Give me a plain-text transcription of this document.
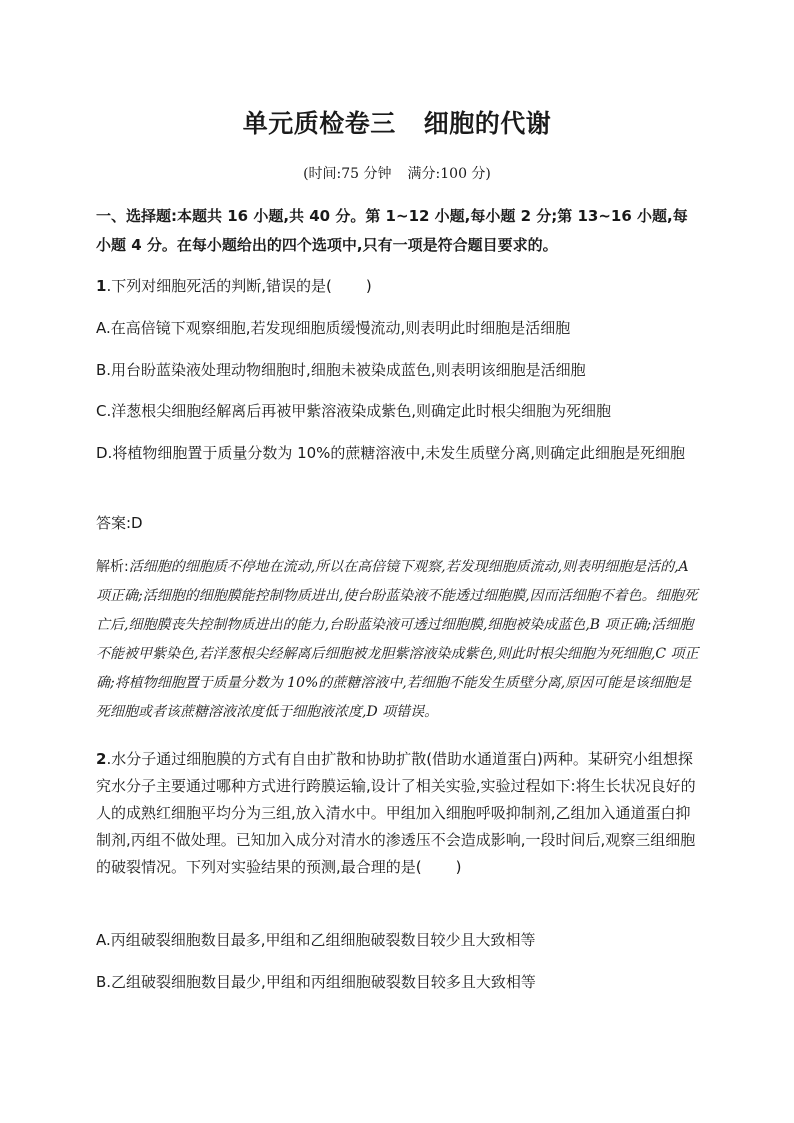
单元质检卷三 细胞的代谢
(时间:75 分钟 满分:100 分)
一、选择题:本题共 16 小题,共 40 分。第 1~12 小题,每小题 2 分;第 13~16 小题,每小题 4 分。在每小题给出的四个选项中,只有一项是符合题目要求的。
1.下列对细胞死活的判断,错误的是( )
A.在高倍镜下观察细胞,若发现细胞质缓慢流动,则表明此时细胞是活细胞
B.用台盼蓝染液处理动物细胞时,细胞未被染成蓝色,则表明该细胞是活细胞
C.洋葱根尖细胞经解离后再被甲紫溶液染成紫色,则确定此时根尖细胞为死细胞
D.将植物细胞置于质量分数为 10%的蔗糖溶液中,未发生质壁分离,则确定此细胞是死细胞
答案:D
解析:活细胞的细胞质不停地在流动,所以在高倍镜下观察,若发现细胞质流动,则表明细胞是活的,A 项正确;活细胞的细胞膜能控制物质进出,使台盼蓝染液不能透过细胞膜,因而活细胞不着色。细胞死亡后,细胞膜丧失控制物质进出的能力,台盼蓝染液可透过细胞膜,细胞被染成蓝色,B 项正确;活细胞不能被甲紫染色,若洋葱根尖经解离后细胞被龙胆紫溶液染成紫色,则此时根尖细胞为死细胞,C 项正确;将植物细胞置于质量分数为 10%的蔗糖溶液中,若细胞不能发生质壁分离,原因可能是该细胞是死细胞或者该蔗糖溶液浓度低于细胞液浓度,D 项错误。
2.水分子通过细胞膜的方式有自由扩散和协助扩散(借助水通道蛋白)两种。某研究小组想探究水分子主要通过哪种方式进行跨膜运输,设计了相关实验,实验过程如下:将生长状况良好的人的成熟红细胞平均分为三组,放入清水中。甲组加入细胞呼吸抑制剂,乙组加入通道蛋白抑制剂,丙组不做处理。已知加入成分对清水的渗透压不会造成影响,一段时间后,观察三组细胞的破裂情况。下列对实验结果的预测,最合理的是( )
A.丙组破裂细胞数目最多,甲组和乙组细胞破裂数目较少且大致相等
B.乙组破裂细胞数目最少,甲组和丙组细胞破裂数目较多且大致相等
